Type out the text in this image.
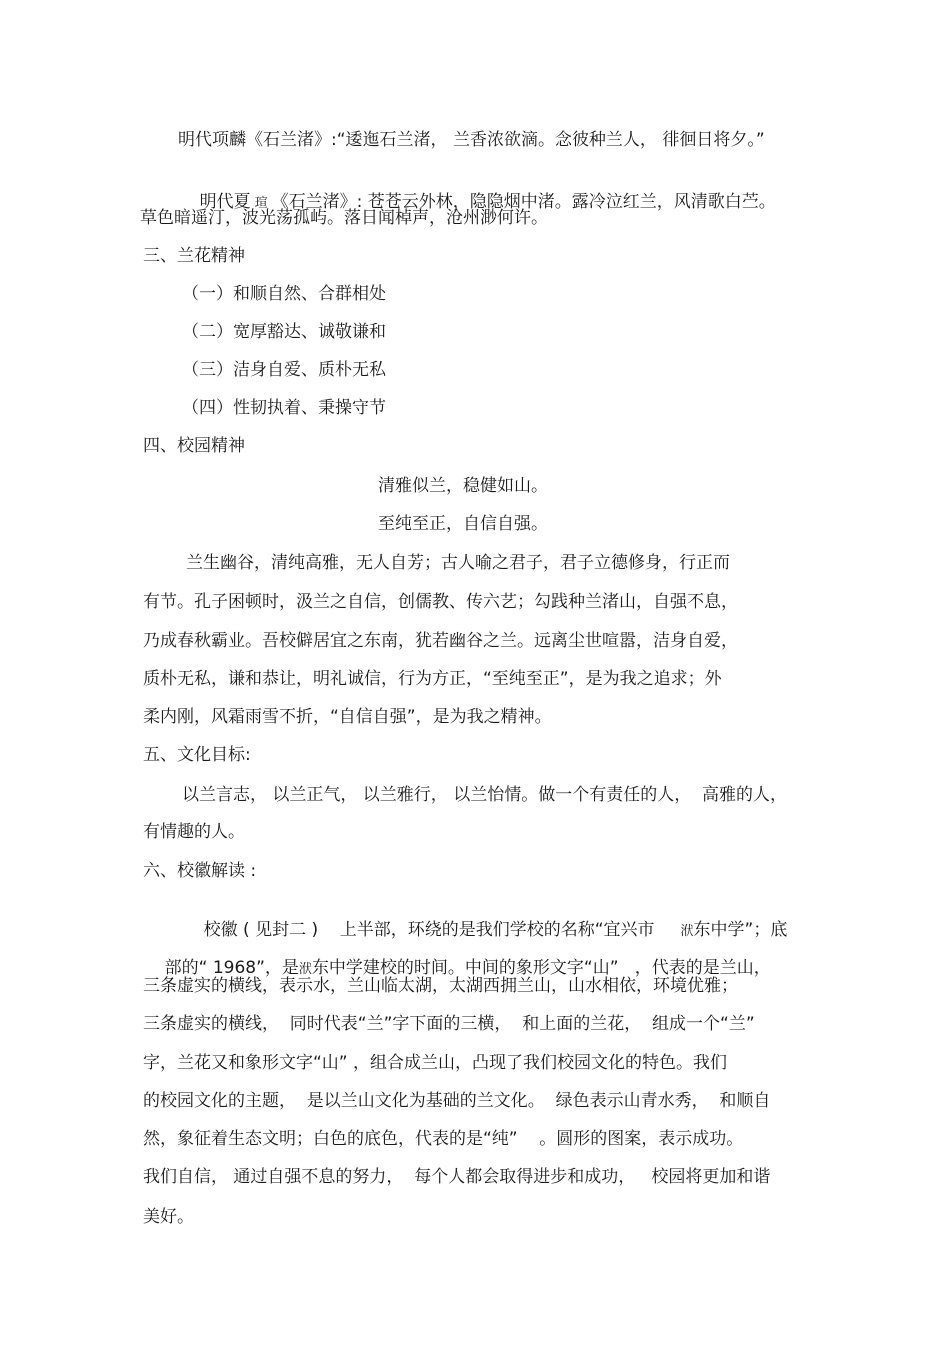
明代项麟《石兰渚》:“逶迤石兰渚， 兰香浓欲滴。念彼种兰人， 徘徊日将夕。”

明代夏 瑄 《石兰渚》: 苍苍云外林，隐隐烟中渚。露冷泣红兰，风清歌白苎。

草色暗遥汀，波光荡孤屿。落日闻棹声，沧州渺何许。
三、兰花精神
（一）和顺自然、合群相处
（二）宽厚豁达、诚敬谦和
（三）洁身自爱、质朴无私
（四）性韧执着、秉操守节
四、校园精神
清雅似兰，稳健如山。
至纯至正，自信自强。
兰生幽谷，清纯高雅，无人自芳；古人喻之君子，君子立德修身，行正而
有节。孔子困顿时，汲兰之自信，创儒教、传六艺；勾践种兰渚山，自强不息，
乃成春秋霸业。吾校僻居宜之东南，犹若幽谷之兰。远离尘世喧嚣，洁身自爱，
质朴无私，谦和恭让，明礼诚信，行为方正，“至纯至正”，是为我之追求；外
柔内刚，风霜雨雪不折，“自信自强”，是为我之精神。
五、文化目标:
以兰言志， 以兰正气， 以兰雅行， 以兰怡情。做一个有责任的人，  高雅的人，
有情趣的人。
六、校徽解读 :

校徽 ( 见封二 )    上半部，环绕的是我们学校的名称“宜兴市 洑东中学”；底

部的“ 1968”，是洑东中学建校的时间。中间的象形文字“山”   ，代表的是兰山，

三条虚实的横线，表示水，兰山临太湖，太湖西拥兰山，山水相依，环境优雅；
三条虚实的横线，  同时代表“兰”字下面的三横，  和上面的兰花，  组成一个“兰”
字，兰花又和象形文字“山” ，组合成兰山，凸现了我们校园文化的特色。我们
的校园文化的主题，  是以兰山文化为基础的兰文化。  绿色表示山青水秀，  和顺自
然，象征着生态文明；白色的底色，代表的是“纯”    。圆形的图案，表示成功。
我们自信， 通过自强不息的努力，  每个人都会取得进步和成功，   校园将更加和谐
美好。
